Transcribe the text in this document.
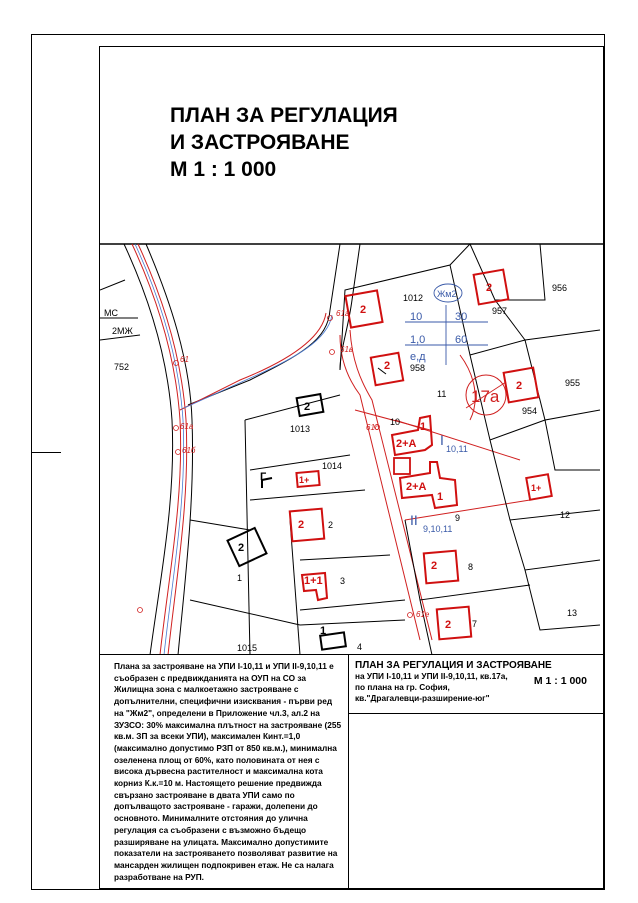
ПЛАН ЗА РЕГУЛАЦИЯ
И ЗАСТРОЯВАНЕ
М 1 : 1 000
10	30
1,0	60
е,д
Жм2
17а
I
10,11
II
9,10,11
2
2
2
2
2
2
2
2+А
2+А
1
1
1+1
1+
1+
2
2
1
1012
956
957
958
955
954
11
10
1013
1014
2
9	12
8
1	3
13
7
1015	4
752
61
61а
61б
61в
61г
61д
61е
МС
2МЖ
Г
Плана за застрояване на УПИ I-10,11 и УПИ II-9,10,11 е съобразен с предвижданията на ОУП на СО за Жилищна зона с малкоетажно застрояване с допълнителни, специфични изисквания - първи ред на "Жм2", определени в Приложение чл.3, ал.2 на ЗУЗСО: 30% максимална плътност на застрояване (255 кв.м. ЗП за всеки УПИ), максимален Кинт.=1,0 (максимално допустимо РЗП от 850 кв.м.), минимална озеленена площ от 60%, като половината от нея с висока дървесна растителност и максимална кота корниз К.к.=10 м. Настоящето решение предвижда свързано застрояване в двата УПИ само по допълващото застрояване - гаражи, долепени до основното. Минималните отстояния до улична регулация са съобразени с възможно бъдещо разширяване на улицата. Максимално допустимите показатели на застрояването позволяват развитие на мансарден жилищен подпокривен етаж. Не са налага разработване на РУП.
ПЛАН ЗА РЕГУЛАЦИЯ И ЗАСТРОЯВАНЕ
на УПИ I-10,11 и УПИ II-9,10,11, кв.17а,
по плана на гр. София,
кв."Драгалевци-разширение-юг"
М 1 : 1 000
